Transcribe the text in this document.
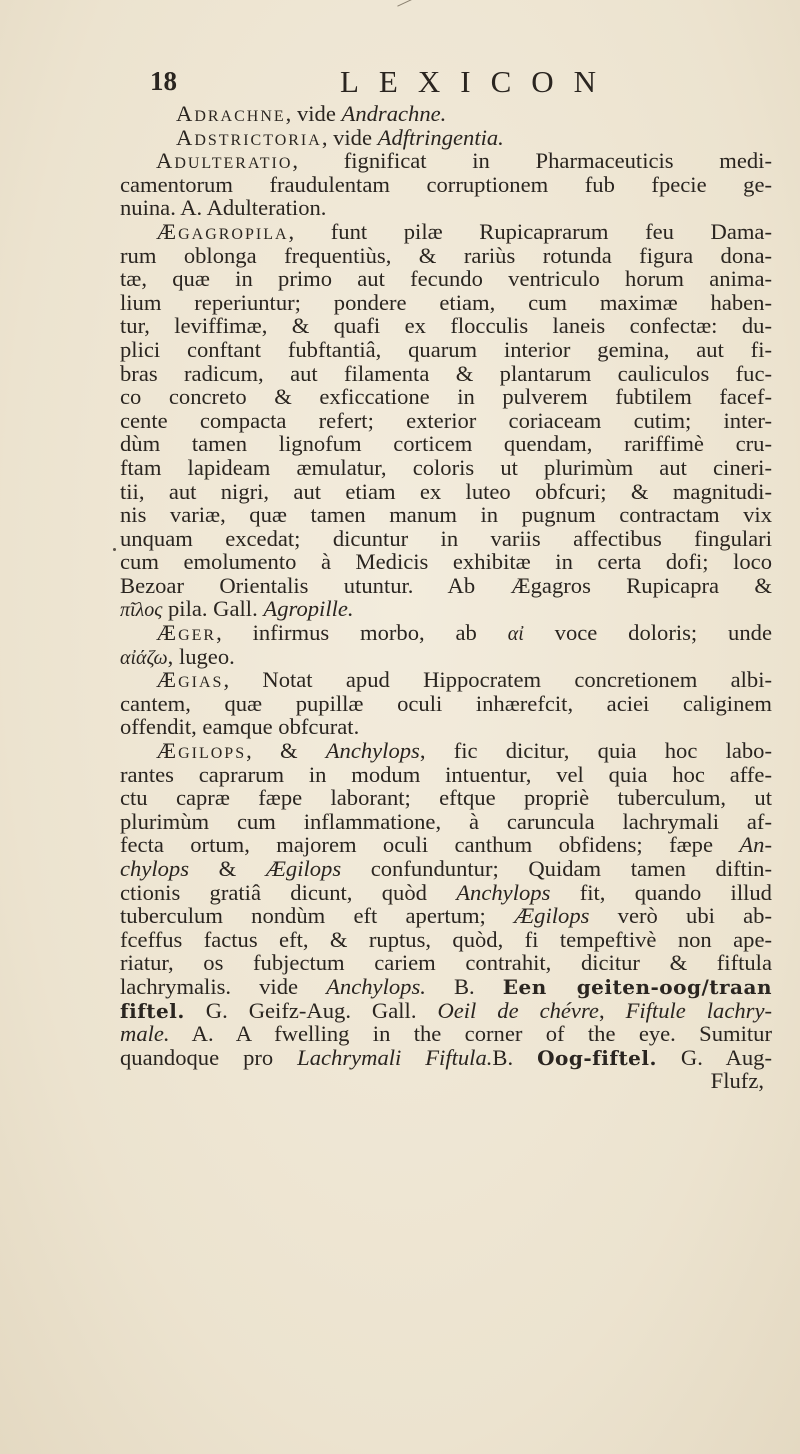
18	LEXICON
Adrachne, vide Andrachne.
Adstrictoria, vide Adftringentia.
Adulteratio, fignificat in Pharmaceuticis medi-
camentorum fraudulentam corruptionem fub fpecie ge-
nuina. A. Adulteration.
Ægagropila, funt pilæ Rupicaprarum feu Dama-
rum oblonga frequentiùs, & rariùs rotunda figura dona-
tæ, quæ in primo aut fecundo ventriculo horum anima-
lium reperiuntur; pondere etiam, cum maximæ haben-
tur, leviffimæ, & quafi ex flocculis laneis confectæ: du-
plici conftant fubftantiâ, quarum interior gemina, aut fi-
bras radicum, aut filamenta & plantarum cauliculos fuc-
co concreto & exficcatione in pulverem fubtilem facef-
cente compacta refert; exterior coriaceam cutim; inter-
dùm tamen lignofum corticem quendam, rariffimè cru-
ftam lapideam æmulatur, coloris ut plurimùm aut cineri-
tii, aut nigri, aut etiam ex luteo obfcuri; & magnitudi-
nis variæ, quæ tamen manum in pugnum contractam vix
unquam excedat; dicuntur in variis affectibus fingulari
cum emolumento à Medicis exhibitæ in certa dofi; loco
Bezoar Orientalis utuntur. Ab Ægagros Rupicapra &
πῖλος pila. Gall. Agropille.
Æger, infirmus morbo, ab αἰ voce doloris; unde
αἰάζω, lugeo.
Ægias, Notat apud Hippocratem concretionem albi-
cantem, quæ pupillæ oculi inhærefcit, aciei caliginem
offendit, eamque obfcurat.
Ægilops, & Anchylops, fic dicitur, quia hoc labo-
rantes caprarum in modum intuentur, vel quia hoc affe-
ctu capræ fæpe laborant; eftque propriè tuberculum, ut
plurimùm cum inflammatione, à caruncula lachrymali af-
fecta ortum, majorem oculi canthum obfidens; fæpe An-
chylops & Ægilops confunduntur; Quidam tamen diftin-
ctionis gratiâ dicunt, quòd Anchylops fit, quando illud
tuberculum nondùm eft apertum; Ægilops verò ubi ab-
fceffus factus eft, & ruptus, quòd, fi tempeftivè non ape-
riatur, os fubjectum cariem contrahit, dicitur & fiftula
lachrymalis. vide Anchylops. B. Een geiten-oog/traan
fiftel. G. Geifz-Aug. Gall. Oeil de chévre, Fiftule lachry-
male. A. A fwelling in the corner of the eye. Sumitur
quandoque pro Lachrymali Fiftula.B. Oog-fiftel. G. Aug-
Flufz,
